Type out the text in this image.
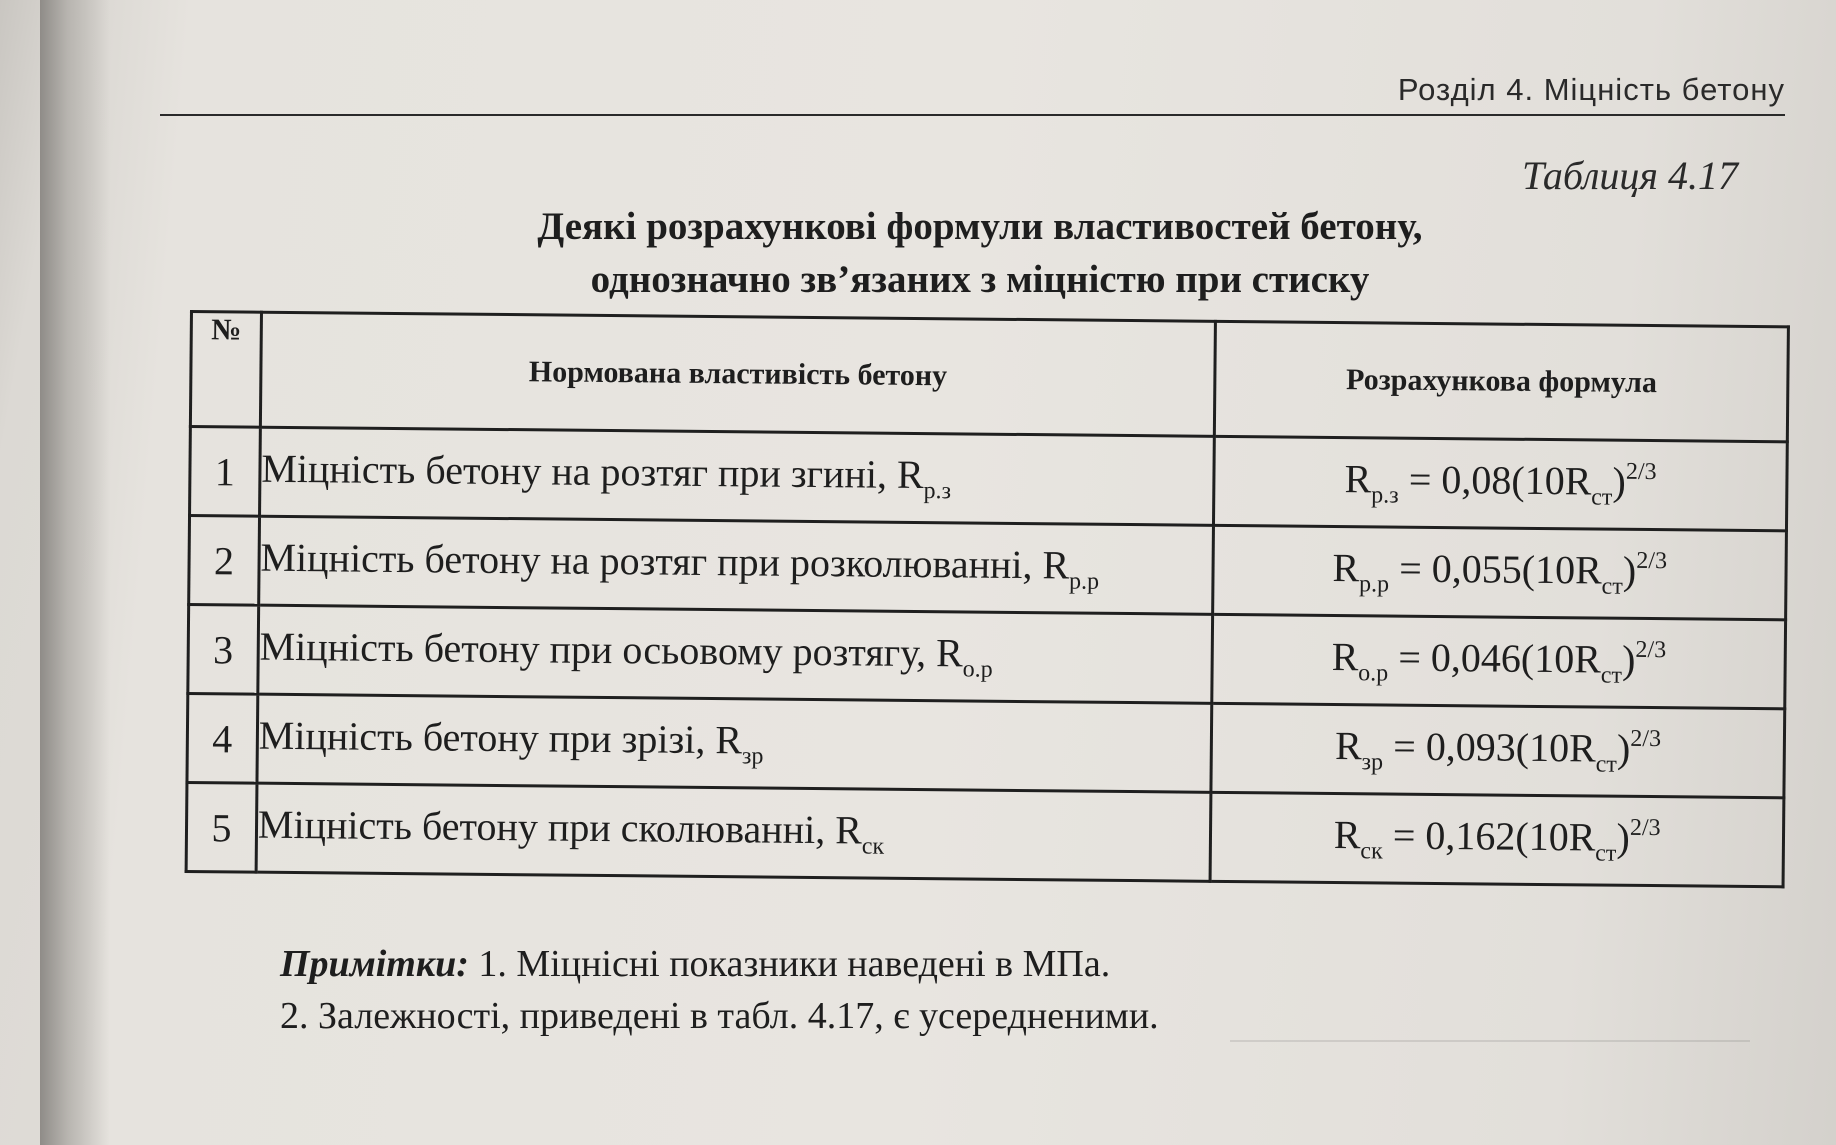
Розділ 4. Міцність бетону
Таблиця 4.17
Деякі розрахункові формули властивостей бетону,
однозначно зв’язаних з міцністю при стиску
№	Нормована властивість бетону	Розрахункова формула
1	Міцність бетону на розтяг при згині, $R_{р.з}$	$R_{р.з} = 0,08(10R_{ст})^{2/3}$
2	Міцність бетону на розтяг при розколюванні, $R_{р.р}$	$R_{р.р} = 0,055(10R_{ст})^{2/3}$
3	Міцність бетону при осьовому розтягу, $R_{о.р}$	$R_{о.р} = 0,046(10R_{ст})^{2/3}$
4	Міцність бетону при зрізі, $R_{зр}$	$R_{зр} = 0,093(10R_{ст})^{2/3}$
5	Міцність бетону при сколюванні, $R_{ск}$	$R_{ск} = 0,162(10R_{ст})^{2/3}$
Примітки: 1. Міцнісні показники наведені в МПа.
2. Залежності, приведені в табл. 4.17, є усередненими.
